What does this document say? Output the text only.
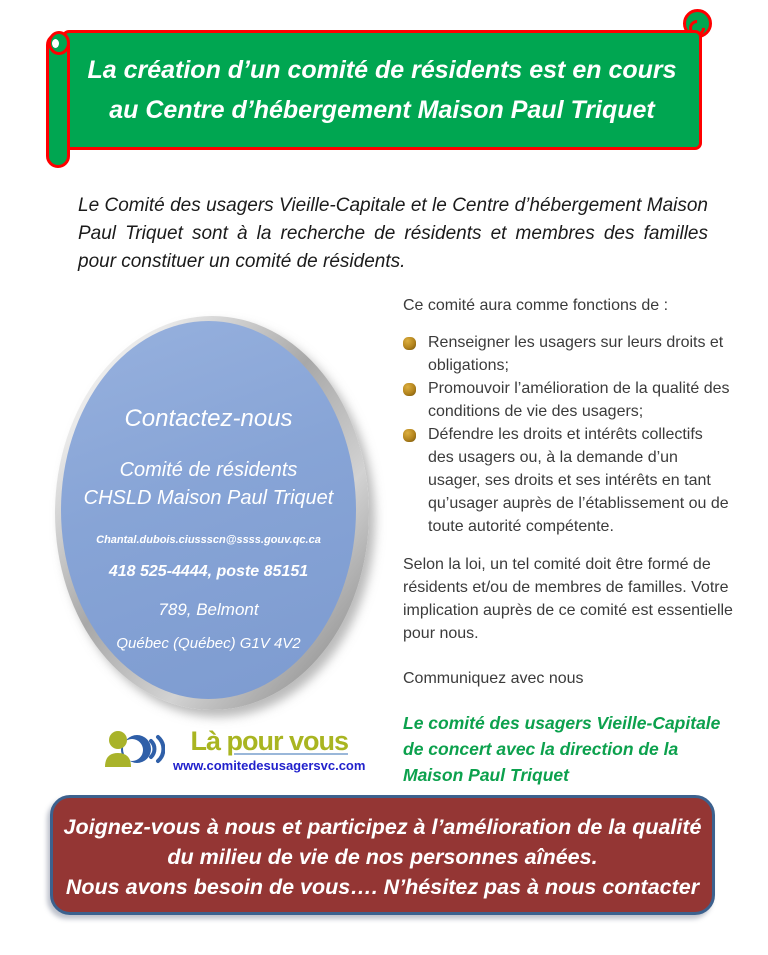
La création d’un comité de résidents est en cours
au Centre d’hébergement Maison Paul Triquet

Le Comité des usagers Vieille-Capitale et le Centre d’hébergement Maison Paul Triquet sont à la recherche de résidents et membres des familles pour constituer un comité de résidents.

Contactez-nous
Comité de résidents
CHSLD Maison Paul Triquet
Chantal.dubois.ciussscn@ssss.gouv.qc.ca
418 525-4444, poste 85151
789, Belmont
Québec (Québec) G1V 4V2
Ce comité aura comme fonctions de :
Renseigner les usagers sur leurs droits et obligations;
Promouvoir l’amélioration de la qualité des conditions de vie des usagers;
Défendre les droits et intérêts collectifs des usagers ou, à la demande d’un usager, ses droits et ses intérêts en tant qu’usager auprès de l’établissement ou de toute autorité compétente.

Selon la loi, un tel comité doit être formé de résidents et/ou de membres de familles. Votre implication auprès de ce comité est essentielle pour nous.

Communiquez avec nous

Le comité des usagers Vieille-Capitale de concert avec la direction de la Maison Paul Triquet

Là pour vous
www.comitedesusagersvc.com
Joignez-vous à nous et participez à l’amélioration de la qualité
du milieu de vie de nos personnes aînées.
Nous avons besoin de vous…. N’hésitez pas à nous contacter
